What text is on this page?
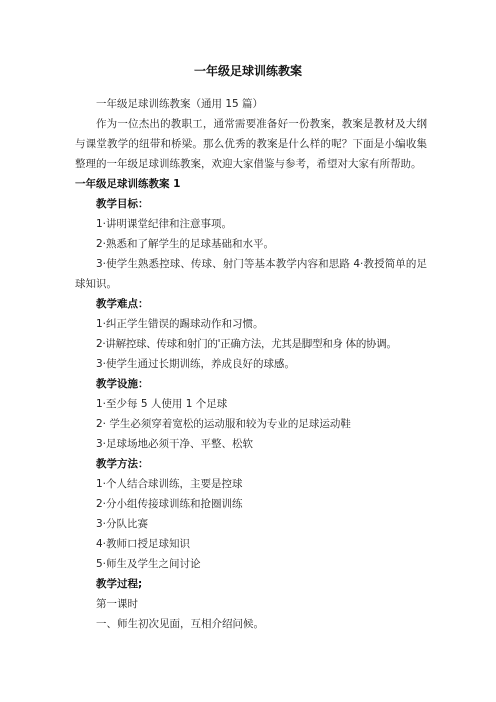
一年级足球训练教案
一年级足球训练教案（通用 15 篇）
作为一位杰出的教职工，通常需要准备好一份教案，教案是教材及大纲与课堂教学的纽带和桥梁。那么优秀的教案是什么样的呢？下面是小编收集整理的一年级足球训练教案，欢迎大家借鉴与参考，希望对大家有所帮助。
一年级足球训练教案 1
教学目标：
1·讲明课堂纪律和注意事项。
2·熟悉和了解学生的足球基础和水平。
3·使学生熟悉控球、传球、射门等基本教学内容和思路 4·教授简单的足球知识。
教学难点：
1·纠正学生错误的踢球动作和习惯。
2·讲解控球、传球和射门的'正确方法，尤其是脚型和身 体的协调。
3·使学生通过长期训练，养成良好的球感。
教学设施：
1·至少每 5 人使用 1 个足球
2· 学生必须穿着宽松的运动服和较为专业的足球运动鞋
3·足球场地必须干净、平整、松软
教学方法：
1·个人结合球训练，主要是控球
2·分小组传接球训练和抢圈训练
3·分队比赛
4·教师口授足球知识
5·师生及学生之间讨论
教学过程;
第一课时
一、师生初次见面，互相介绍问候。
